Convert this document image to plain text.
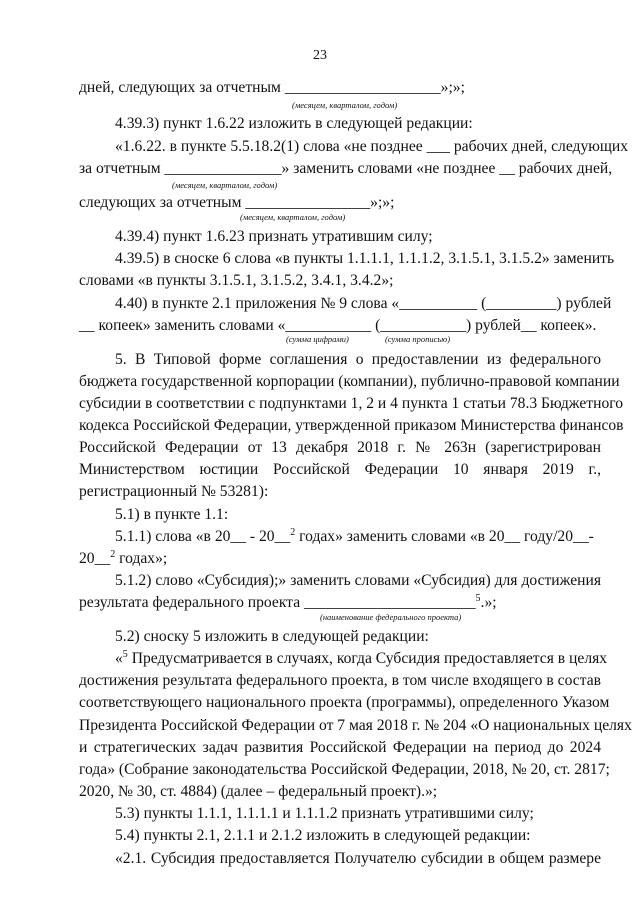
23
дней, следующих за отчетным ____________________»;»;
(месяцем, кварталом, годом)
4.39.3) пункт 1.6.22 изложить в следующей редакции:
«1.6.22. в пункте 5.5.18.2(1) слова «не позднее ___ рабочих дней, следующих
за отчетным _______________» заменить словами «не позднее __ рабочих дней,
(месяцем, кварталом, годом)
следующих за отчетным ________________»;»;
(месяцем, кварталом, годом)
4.39.4) пункт 1.6.23 признать утратившим силу;
4.39.5) в сноске 6 слова «в пункты 1.1.1.1, 1.1.1.2, 3.1.5.1, 3.1.5.2» заменить
словами «в пункты 3.1.5.1, 3.1.5.2, 3.4.1, 3.4.2»;
4.40) в пункте 2.1 приложения № 9 слова «__________ (_________) рублей
__ копеек» заменить словами «___________ (___________) рублей__ копеек».
(сумма цифрами)	(сумма прописью)
5. В Типовой форме соглашения о предоставлении из федерального
бюджета государственной корпорации (компании), публично-правовой компании
субсидии в соответствии с подпунктами 1, 2 и 4 пункта 1 статьи 78.3 Бюджетного
кодекса Российской Федерации, утвержденной приказом Министерства финансов
Российской Федерации от 13 декабря 2018 г. № 263н (зарегистрирован
Министерством юстиции Российской Федерации 10 января 2019 г.,
регистрационный № 53281):
5.1) в пункте 1.1:
5.1.1) слова «в 20__ - 20__$^2$ годах» заменить словами «в 20__ году/20__-
20__$^2$ годах»;
5.1.2) слово «Субсидия);» заменить словами «Субсидия) для достижения
результата федерального проекта ______________________$^5$.»;
(наименование федерального проекта)
5.2) сноску 5 изложить в следующей редакции:
«$^5$ Предусматривается в случаях, когда Субсидия предоставляется в целях
достижения результата федерального проекта, в том числе входящего в состав
соответствующего национального проекта (программы), определенного Указом
Президента Российской Федерации от 7 мая 2018 г. № 204 «О национальных целях
и стратегических задач развития Российской Федерации на период до 2024
года» (Собрание законодательства Российской Федерации, 2018, № 20, ст. 2817;
2020, № 30, ст. 4884) (далее – федеральный проект).»;
5.3) пункты 1.1.1, 1.1.1.1 и 1.1.1.2 признать утратившими силу;
5.4) пункты 2.1, 2.1.1 и 2.1.2 изложить в следующей редакции:
«2.1. Субсидия предоставляется Получателю субсидии в общем размере
